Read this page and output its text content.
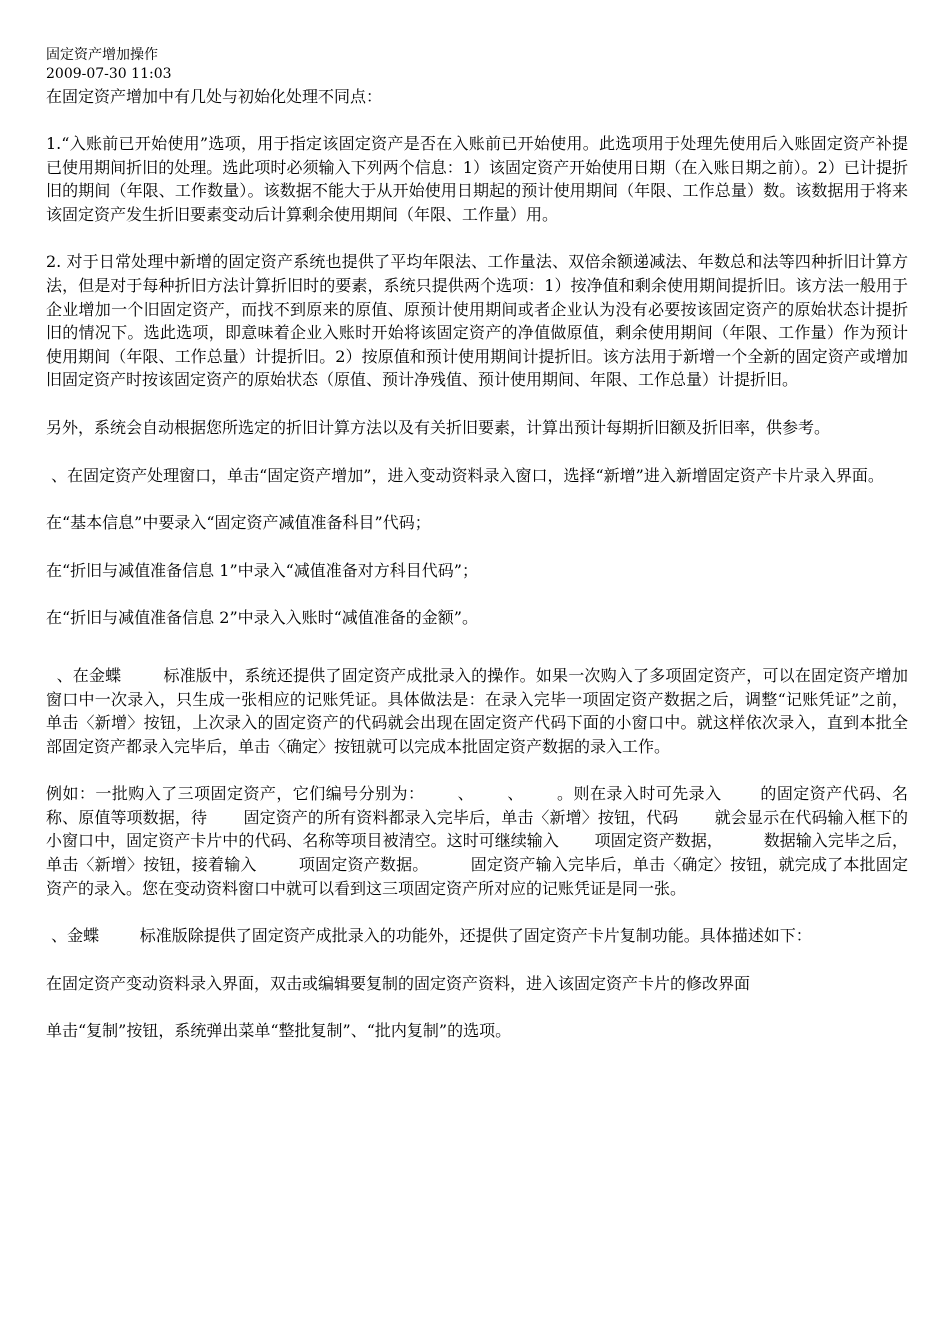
固定资产增加操作

2009-07-30 11:03

在固定资产增加中有几处与初始化处理不同点：

1.“入账前已开始使用”选项，用于指定该固定资产是否在入账前已开始使用。此选项用于处理先使用后入账固定资产补提已使用期间折旧的处理。选此项时必须输入下列两个信息：1）该固定资产开始使用日期（在入账日期之前）。2）已计提折旧的期间（年限、工作数量）。该数据不能大于从开始使用日期起的预计使用期间（年限、工作总量）数。该数据用于将来该固定资产发生折旧要素变动后计算剩余使用期间（年限、工作量）用。

2. 对于日常处理中新增的固定资产系统也提供了平均年限法、工作量法、双倍余额递减法、年数总和法等四种折旧计算方法，但是对于每种折旧方法计算折旧时的要素，系统只提供两个选项：1）按净值和剩余使用期间提折旧。该方法一般用于企业增加一个旧固定资产，而找不到原来的原值、原预计使用期间或者企业认为没有必要按该固定资产的原始状态计提折旧的情况下。选此选项，即意味着企业入账时开始将该固定资产的净值做原值，剩余使用期间（年限、工作量）作为预计使用期间（年限、工作总量）计提折旧。2）按原值和预计使用期间计提折旧。该方法用于新增一个全新的固定资产或增加旧固定资产时按该固定资产的原始状态（原值、预计净残值、预计使用期间、年限、工作总量）计提折旧。

另外，系统会自动根据您所选定的折旧计算方法以及有关折旧要素，计算出预计每期折旧额及折旧率，供参考。

、在固定资产处理窗口，单击“固定资产增加”，进入变动资料录入窗口，选择“新增”进入新增固定资产卡片录入界面。

在“基本信息”中要录入“固定资产减值准备科目”代码；

在“折旧与减值准备信息 1”中录入“减值准备对方科目代码”；

在“折旧与减值准备信息 2”中录入入账时“减值准备的金额”。

、在金蝶        标准版中，系统还提供了固定资产成批录入的操作。如果一次购入了多项固定资产，可以在固定资产增加窗口中一次录入，只生成一张相应的记账凭证。具体做法是：在录入完毕一项固定资产数据之后，调整“记账凭证”之前，单击〈新增〉按钮，上次录入的固定资产的代码就会出现在固定资产代码下面的小窗口中。就这样依次录入，直到本批全部固定资产都录入完毕后，单击〈确定〉按钮就可以完成本批固定资产数据的录入工作。

例如：一批购入了三项固定资产，它们编号分别为：      、      、      。则在录入时可先录入       的固定资产代码、名称、原值等项数据，待       固定资产的所有资料都录入完毕后，单击〈新增〉按钮，代码       就会显示在代码输入框下的小窗口中，固定资产卡片中的代码、名称等项目被清空。这时可继续输入       项固定资产数据，        数据输入完毕之后，单击〈新增〉按钮，接着输入        项固定资产数据。        固定资产输入完毕后，单击〈确定〉按钮，就完成了本批固定资产的录入。您在变动资料窗口中就可以看到这三项固定资产所对应的记账凭证是同一张。

、金蝶        标准版除提供了固定资产成批录入的功能外，还提供了固定资产卡片复制功能。具体描述如下：

在固定资产变动资料录入界面，双击或编辑要复制的固定资产资料，进入该固定资产卡片的修改界面

单击“复制”按钮，系统弹出菜单“整批复制”、“批内复制”的选项。
